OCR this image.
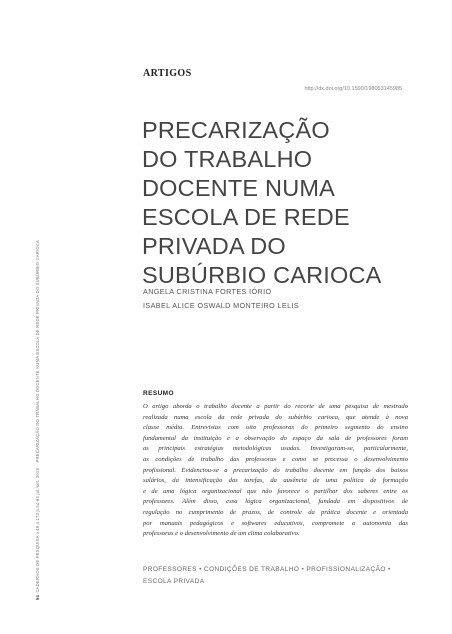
54
CADERNOS DE PESQUISA v.49 n.173 p.54-84 jul./set. 2019
PRECARIZAÇÃO DO TRABALHO DOCENTE NUMA ESCOLA DE REDE PRIVADA DO SUBÚRBIO CARIOCA
ARTIGOS
http://dx.doi.org/10.1590/198053145985
PRECARIZAÇÃO
DO TRABALHO
DOCENTE NUMA
ESCOLA DE REDE
PRIVADA DO
SUBÚRBIO CARIOCA
ANGELA CRISTINA FORTES IÓRIO
ISABEL ALICE OSWALD MONTEIRO LELIS
RESUMO
O artigo aborda o trabalho docente a partir do recorte de uma pesquisa de mestrado
realizada numa escola da rede privada do subúrbio carioca, que atende à nova
classe média. Entrevistas com oito professoras do primeiro segmento do ensino
fundamental da instituição e a observação do espaço da sala de professores foram
as principais estratégias metodológicas usadas. Investigaram-se, particularmente,
as condições de trabalho das professoras e como se processa o desenvolvimento
profissional. Evidenciou-se a precarização do trabalho docente em função dos baixos
salários, da intensificação das tarefas, da ausência de uma política de formação
e de uma lógica organizacional que não favorece o partilhar dos saberes entre os
professores. Além disso, essa lógica organizacional, fundada em dispositivos de
regulação no cumprimento de prazos, de controle da prática docente e orientada
por manuais pedagógicos e softwares educativos, compromete a autonomia das
professoras e o desenvolvimento de um clima colaborativo.
PROFESSORES • CONDIÇÕES DE TRABALHO • PROFISSIONALIZAÇÃO •
ESCOLA PRIVADA
